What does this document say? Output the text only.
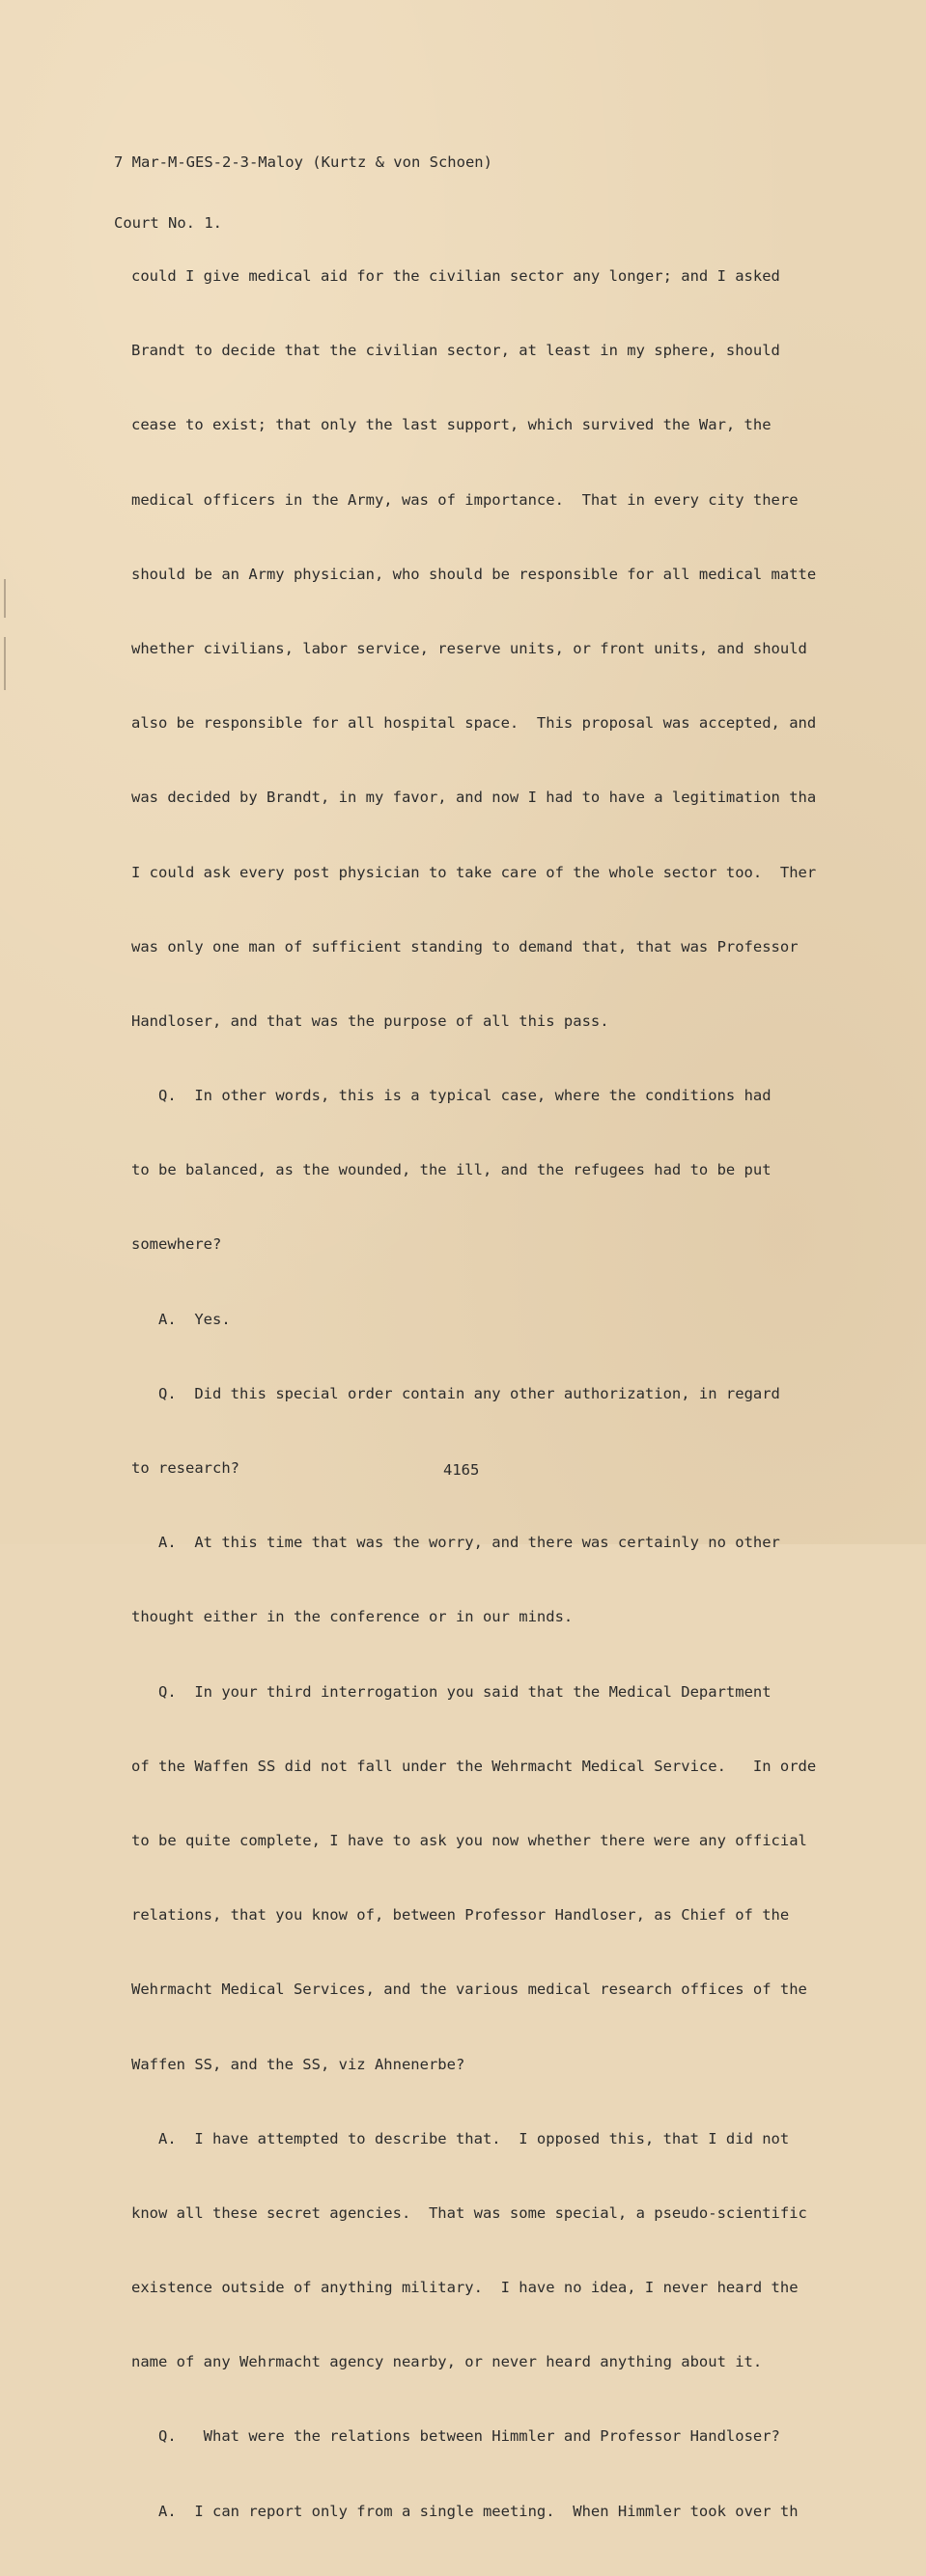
7 Mar-M-GES-2-3-Maloy (Kurtz & von Schoen)

Court No. 1.

could I give medical aid for the civilian sector any longer; and I asked

Brandt to decide that the civilian sector, at least in my sphere, should

cease to exist; that only the last support, which survived the War, the

medical officers in the Army, was of importance.  That in every city there

should be an Army physician, who should be responsible for all medical matte

whether civilians, labor service, reserve units, or front units, and should

also be responsible for all hospital space.  This proposal was accepted, and

was decided by Brandt, in my favor, and now I had to have a legitimation tha

I could ask every post physician to take care of the whole sector too.  Ther

was only one man of sufficient standing to demand that, that was Professor

Handloser, and that was the purpose of all this pass.

Q.  In other words, this is a typical case, where the conditions had

to be balanced, as the wounded, the ill, and the refugees had to be put

somewhere?

A.  Yes.

Q.  Did this special order contain any other authorization, in regard

to research?

A.  At this time that was the worry, and there was certainly no other

thought either in the conference or in our minds.

Q.  In your third interrogation you said that the Medical Department

of the Waffen SS did not fall under the Wehrmacht Medical Service.   In orde

to be quite complete, I have to ask you now whether there were any official

relations, that you know of, between Professor Handloser, as Chief of the

Wehrmacht Medical Services, and the various medical research offices of the

Waffen SS, and the SS, viz Ahnenerbe?

A.  I have attempted to describe that.  I opposed this, that I did not

know all these secret agencies.  That was some special, a pseudo-scientific

existence outside of anything military.  I have no idea, I never heard the

name of any Wehrmacht agency nearby, or never heard anything about it.

Q.   What were the relations between Himmler and Professor Handloser?

A.  I can report only from a single meeting.  When Himmler took over th

4165
